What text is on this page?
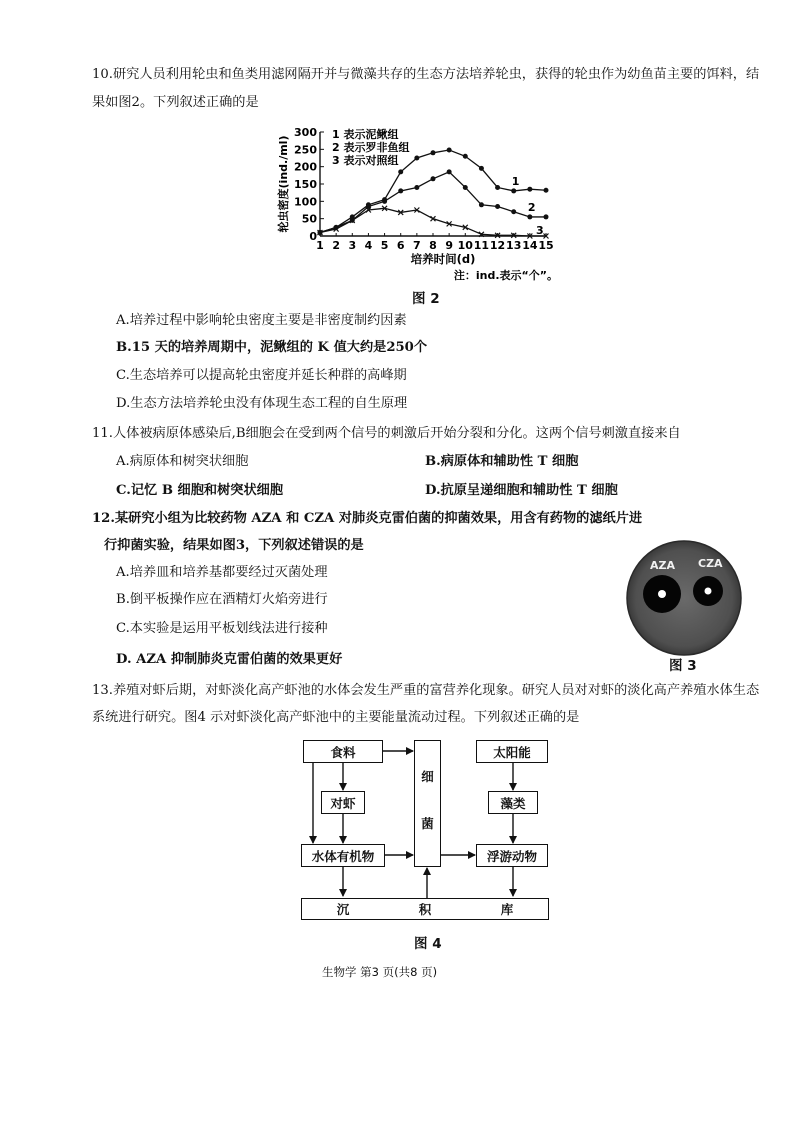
10.研究人员利用轮虫和鱼类用滤网隔开并与微藻共存的生态方法培养轮虫，获得的轮虫作为幼鱼苗主要的饵料，结
果如图2。下列叙述正确的是
0
50
100
150
200
250
300
1 2 3 4 5 6 7 8 9 10 11 12 13 14 15
轮虫密度(ind./ml)
培养时间(d)
注：ind.表示“个”。
1 表示泥鳅组
2 表示罗非鱼组
3 表示对照组
1
2
3
图 2
A.培养过程中影响轮虫密度主要是非密度制约因素
B.15 天的培养周期中，泥鳅组的 K 值大约是250个
C.生态培养可以提高轮虫密度并延长种群的高峰期
D.生态方法培养轮虫没有体现生态工程的自生原理
11.人体被病原体感染后,B细胞会在受到两个信号的刺激后开始分裂和分化。这两个信号刺激直接来自
A.病原体和树突状细胞	B.病原体和辅助性 T 细胞
C.记忆 B 细胞和树突状细胞	D.抗原呈递细胞和辅助性 T 细胞
12.某研究小组为比较药物 AZA 和 CZA 对肺炎克雷伯菌的抑菌效果，用含有药物的滤纸片进
行抑菌实验，结果如图3，下列叙述错误的是
A.培养皿和培养基都要经过灭菌处理
B.倒平板操作应在酒精灯火焰旁进行
C.本实验是运用平板划线法进行接种
D. AZA 抑制肺炎克雷伯菌的效果更好
AZA CZA
图 3
13.养殖对虾后期，对虾淡化高产虾池的水体会发生严重的富营养化现象。研究人员对对虾的淡化高产养殖水体生态
系统进行研究。图4 示对虾淡化高产虾池中的主要能量流动过程。下列叙述正确的是
食料
对虾
水体有机物
细
菌
太阳能
藻类
浮游动物
沉	积	库
图 4
生物学 第3 页(共8 页)
